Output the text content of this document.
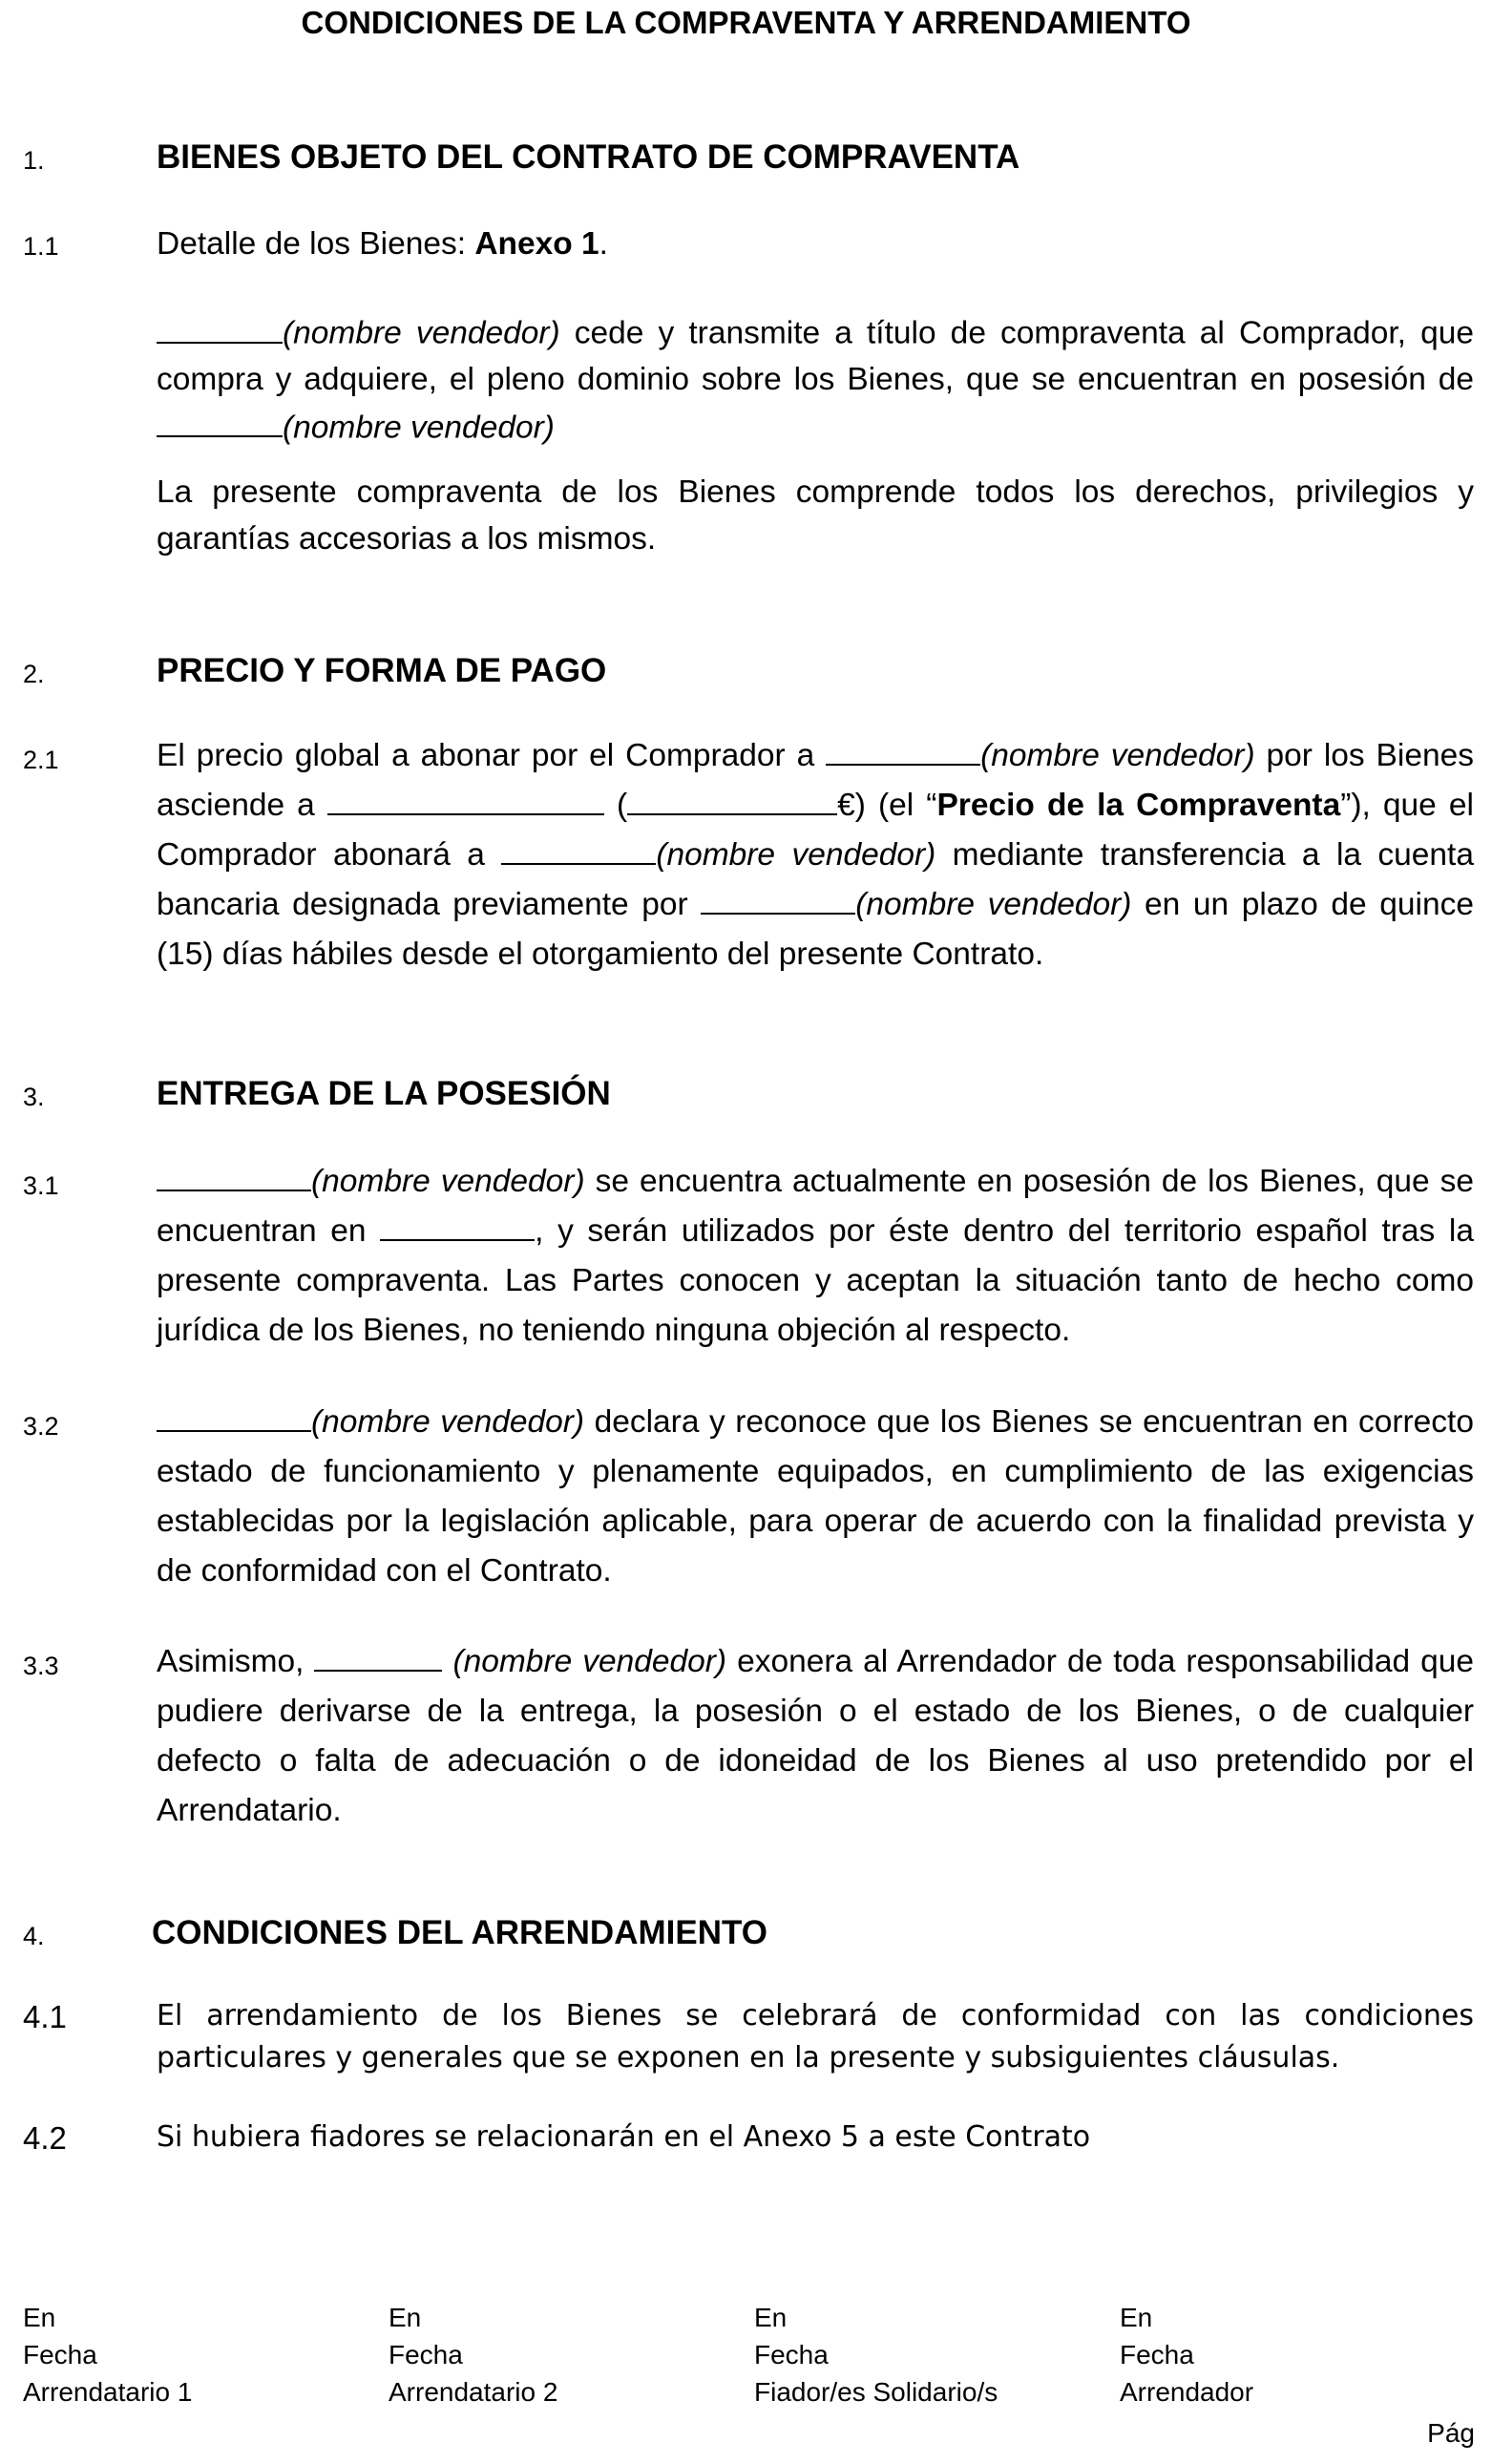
CONDICIONES DE LA COMPRAVENTA Y ARRENDAMIENTO
1.	BIENES OBJETO DEL CONTRATO DE COMPRAVENTA
1.1	Detalle de los Bienes: Anexo 1.
(nombre vendedor) cede y transmite a título de compraventa al Comprador, que compra y adquiere, el pleno dominio sobre los Bienes, que se encuentran en posesión de (nombre vendedor)
La presente compraventa de los Bienes comprende todos los derechos, privilegios y garantías accesorias a los mismos.
2.	PRECIO Y FORMA DE PAGO
2.1	El precio global a abonar por el Comprador a	(nombre vendedor) por los Bienes asciende a	(	€) (el “Precio de la Compraventa”), que el Comprador abonará a	(nombre vendedor) mediante transferencia a la cuenta bancaria designada previamente por	(nombre vendedor) en un plazo de quince (15) días hábiles desde el otorgamiento del presente Contrato.
3.	ENTREGA DE LA POSESIÓN
3.1	(nombre vendedor) se encuentra actualmente en posesión de los Bienes, que se encuentran en	, y serán utilizados por éste dentro del territorio español tras la presente compraventa. Las Partes conocen y aceptan la situación tanto de hecho como jurídica de los Bienes, no teniendo ninguna objeción al respecto.
3.2	(nombre vendedor) declara y reconoce que los Bienes se encuentran en correcto estado de funcionamiento y plenamente equipados, en cumplimiento de las exigencias establecidas por la legislación aplicable, para operar de acuerdo con la finalidad prevista y de conformidad con el Contrato.
3.3	Asimismo,	(nombre vendedor) exonera al Arrendador de toda responsabilidad que pudiere derivarse de la entrega, la posesión o el estado de los Bienes, o de cualquier defecto o falta de adecuación o de idoneidad de los Bienes al uso pretendido por el Arrendatario.
4.	CONDICIONES DEL ARRENDAMIENTO
4.1	El arrendamiento de los Bienes se celebrará de conformidad con las condiciones particulares y generales que se exponen en la presente y subsiguientes cláusulas.
4.2	Si hubiera fiadores se relacionarán en el Anexo 5 a este Contrato
En
Fecha
Arrendatario 1
En
Fecha
Arrendatario 2
En
Fecha
Fiador/es Solidario/s
En
Fecha
Arrendador
Pág
